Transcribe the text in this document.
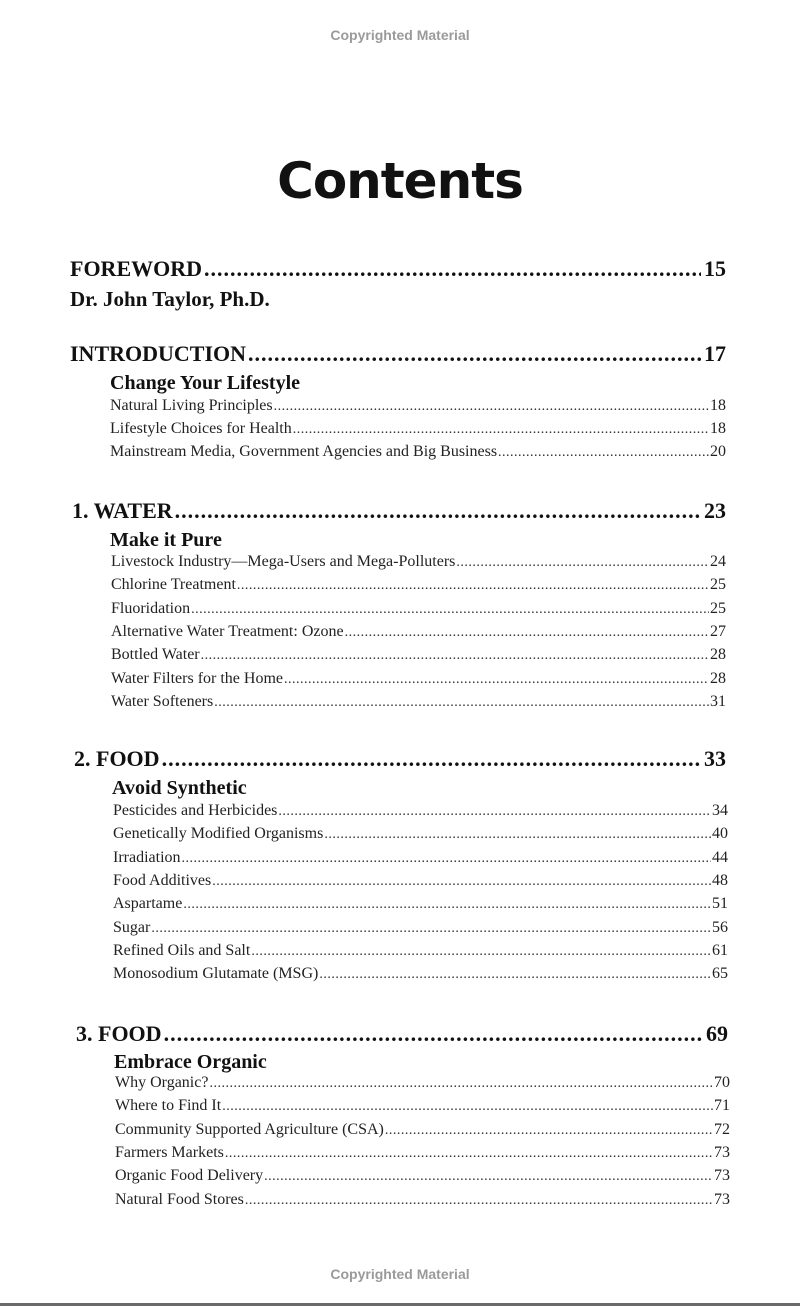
Copyrighted Material
Contents
FOREWORD .....	15
Dr. John Taylor, Ph.D.
INTRODUCTION .....	17
Change Your Lifestyle
Natural Living Principles .....	18
Lifestyle Choices for Health .....	18
Mainstream Media, Government Agencies and Big Business .....	20
1. WATER .....	23
Make it Pure
Livestock Industry—Mega-Users and Mega-Polluters .....	24
Chlorine Treatment .....	25
Fluoridation .....	25
Alternative Water Treatment: Ozone .....	27
Bottled Water .....	28
Water Filters for the Home .....	28
Water Softeners .....	31
2. FOOD .....	33
Avoid Synthetic
Pesticides and Herbicides .....	34
Genetically Modified Organisms .....	40
Irradiation .....	44
Food Additives .....	48
Aspartame .....	51
Sugar .....	56
Refined Oils and Salt .....	61
Monosodium Glutamate (MSG) .....	65
3. FOOD .....	69
Embrace Organic
Why Organic? .....	70
Where to Find It .....	71
Community Supported Agriculture (CSA) .....	72
Farmers Markets .....	73
Organic Food Delivery .....	73
Natural Food Stores .....	73
Copyrighted Material
